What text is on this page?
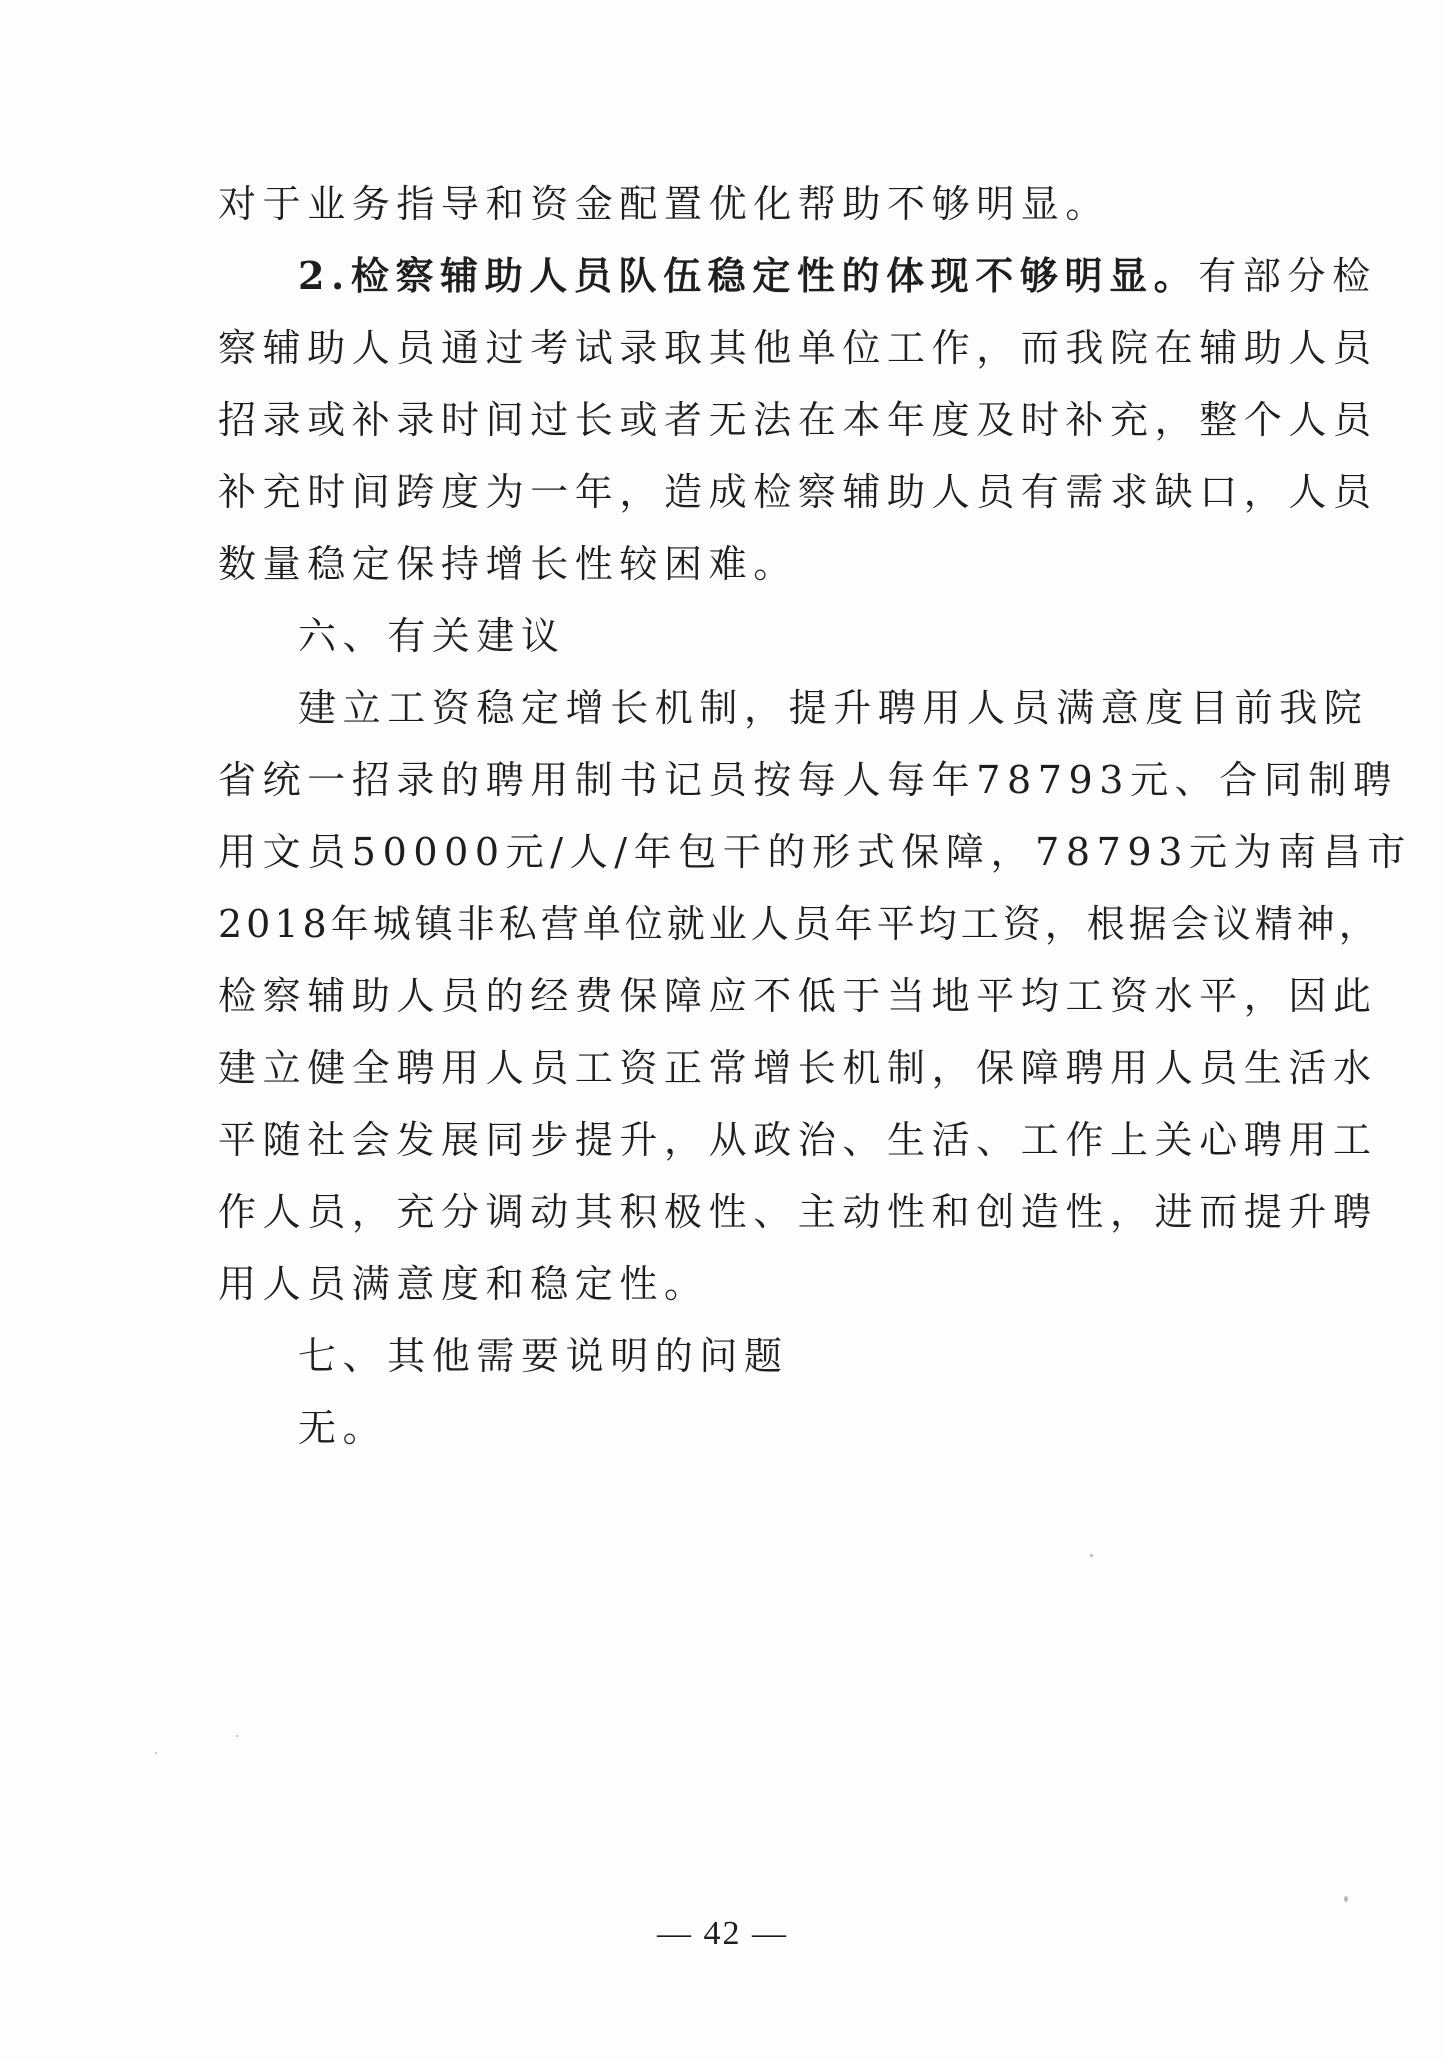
对于业务指导和资金配置优化帮助不够明显。
2.检察辅助人员队伍稳定性的体现不够明显。有部分检
察辅助人员通过考试录取其他单位工作，而我院在辅助人员
招录或补录时间过长或者无法在本年度及时补充，整个人员
补充时间跨度为一年，造成检察辅助人员有需求缺口，人员
数量稳定保持增长性较困难。
六、有关建议
建立工资稳定增长机制，提升聘用人员满意度目前我院
省统一招录的聘用制书记员按每人每年78793元、合同制聘
用文员50000元/人/年包干的形式保障，78793元为南昌市
2018年城镇非私营单位就业人员年平均工资，根据会议精神，
检察辅助人员的经费保障应不低于当地平均工资水平，因此
建立健全聘用人员工资正常增长机制，保障聘用人员生活水
平随社会发展同步提升，从政治、生活、工作上关心聘用工
作人员，充分调动其积极性、主动性和创造性，进而提升聘
用人员满意度和稳定性。
七、其他需要说明的问题
无。
— 42 —
